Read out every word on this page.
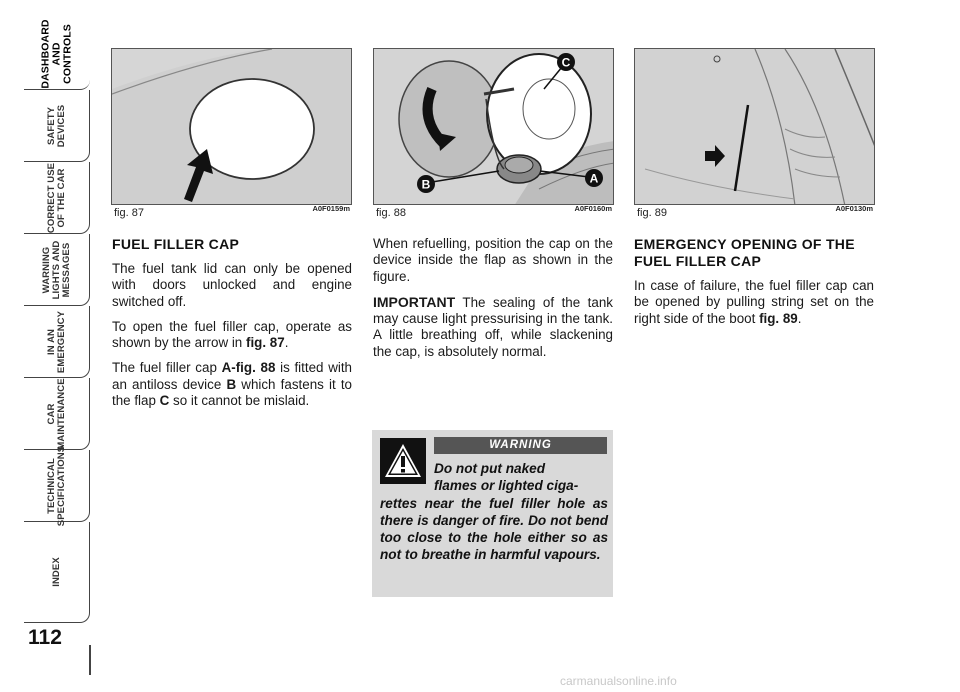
DASHBOARD
AND
CONTROLS
SAFETY
DEVICES
CORRECT USE
OF THE CAR
WARNING
LIGHTS AND
MESSAGES
IN AN
EMERGENCY
CAR
MAINTENANCE
TECHNICAL
SPECIFICATIONS
INDEX
112
fig. 87	A0F0159m
B	A
C
fig. 88	A0F0160m fig. 89	A0F0130m
FUEL FILLER CAP

The fuel tank lid can only be opened with doors unlocked and engine switched off.

To open the fuel filler cap, operate as shown by the arrow in fig. 87.

The fuel filler cap A-fig. 88 is fitted with an antiloss device B which fastens it to the flap C so it cannot be mislaid.

When refuelling, position the cap on the device inside the flap as shown in the figure.

IMPORTANT The sealing of the tank may cause light pressurising in the tank. A little breathing off, while slackening the cap, is absolutely normal.

WARNING
Do not put naked
flames or lighted ciga-
rettes near the fuel filler hole as there is danger of fire. Do not bend too close to the hole either so as not to breathe in harmful vapours.
EMERGENCY OPENING OF THE FUEL FILLER CAP

In case of failure, the fuel filler cap can be opened by pulling string set on the right side of the boot fig. 89.

carmanualsonline.info
